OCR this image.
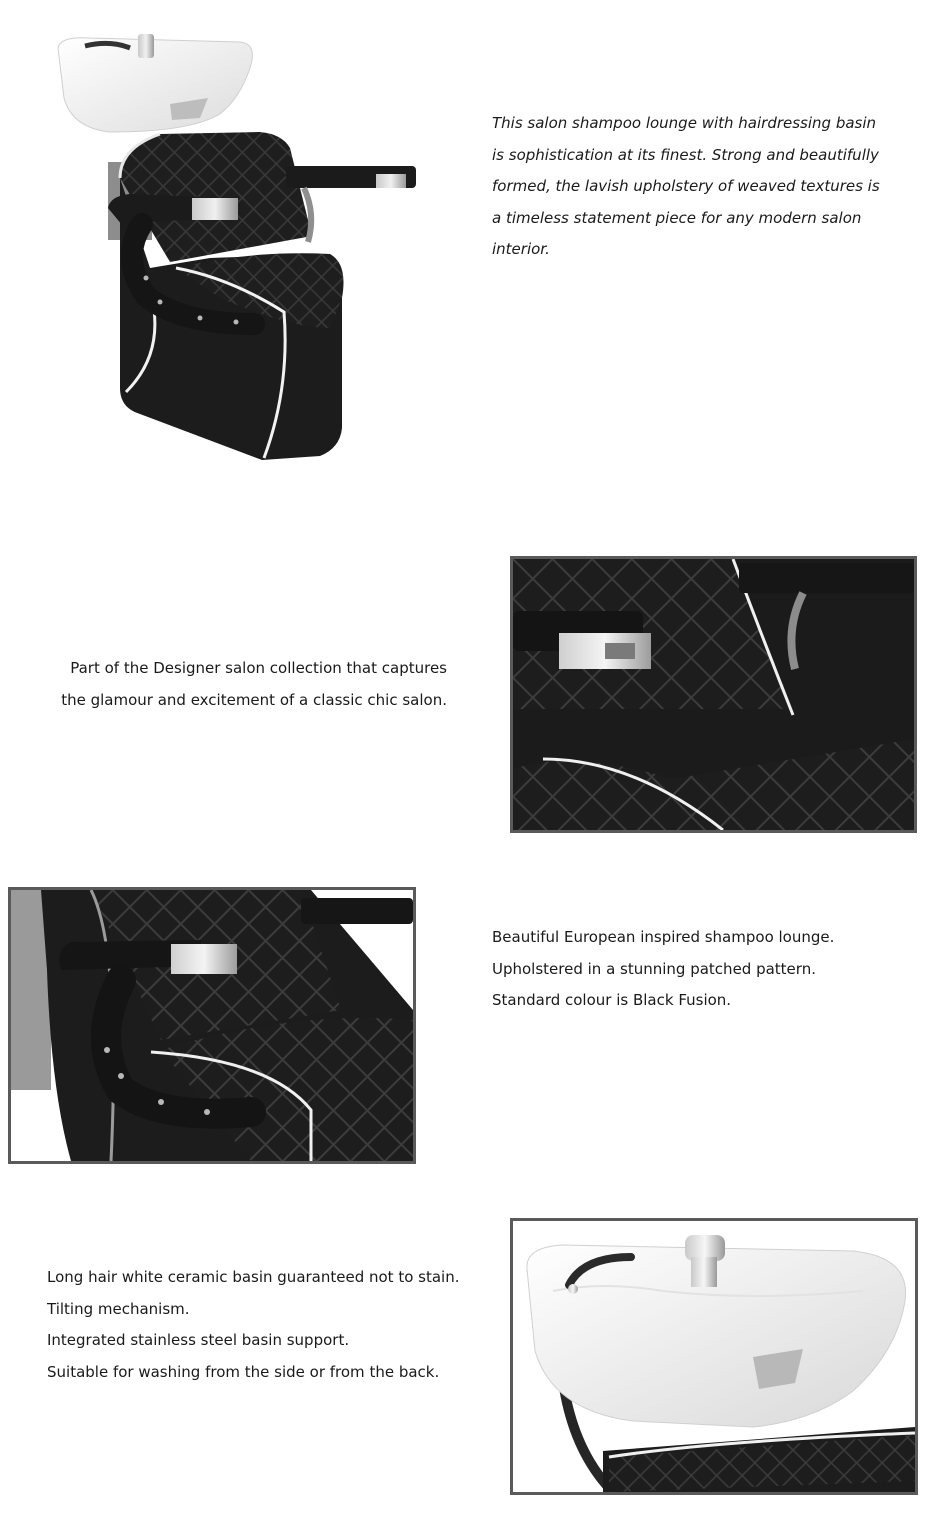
This salon shampoo lounge with hairdressing basin is sophistication at its finest. Strong and beautifully formed, the lavish upholstery of weaved textures is a timeless statement piece for any modern salon interior.

Part of the Designer salon collection that captures

the glamour and excitement of a classic chic salon.

Beautiful European inspired shampoo lounge.

Upholstered in a stunning patched pattern.

Standard colour is Black Fusion.

Long hair white ceramic basin guaranteed not to stain.

Tilting mechanism.

Integrated stainless steel basin support.

Suitable for washing from the side or from the back.
